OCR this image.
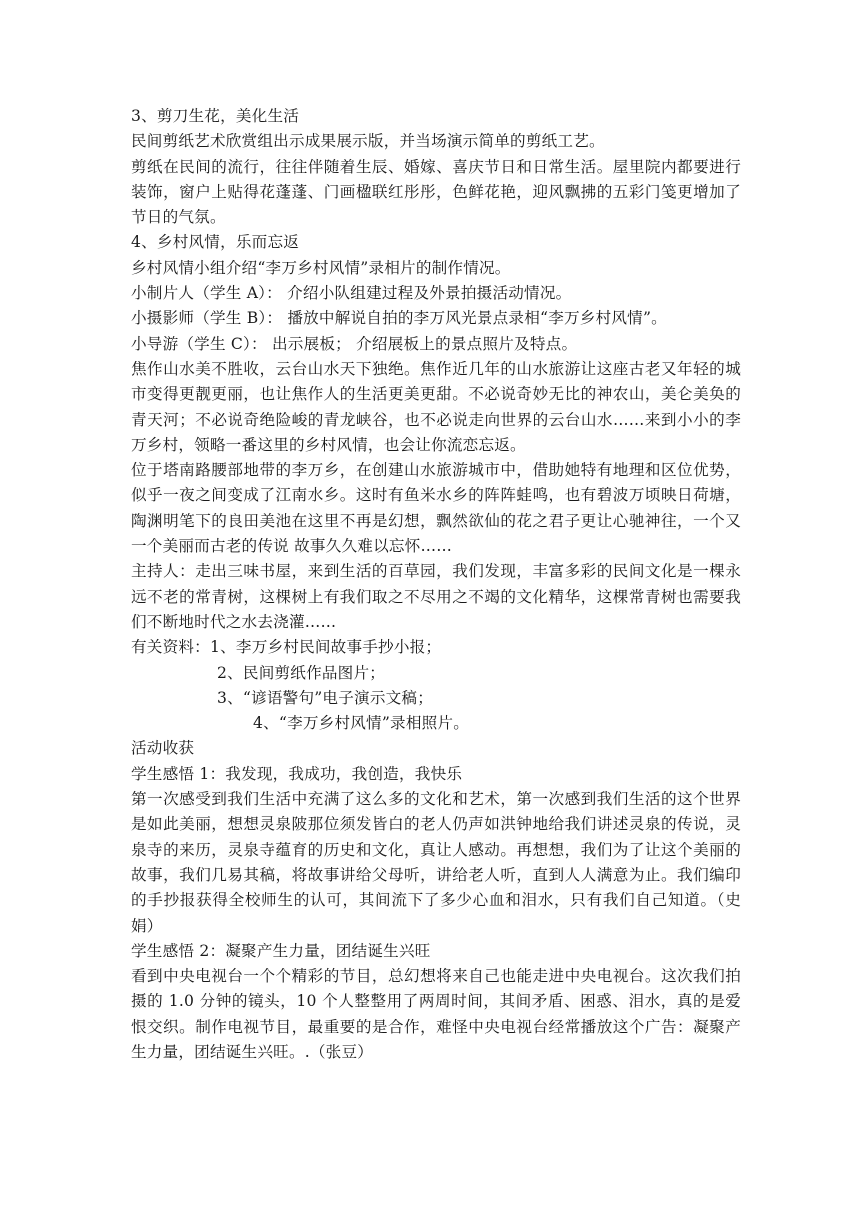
3、剪刀生花，美化生活
民间剪纸艺术欣赏组出示成果展示版，并当场演示简单的剪纸工艺。
剪纸在民间的流行，往往伴随着生辰、婚嫁、喜庆节日和日常生活。屋里院内都要进行装饰，窗户上贴得花蓬蓬、门画楹联红彤彤，色鲜花艳，迎风飘拂的五彩门笺更增加了节日的气氛。
4、乡村风情，乐而忘返
乡村风情小组介绍“李万乡村风情”录相片的制作情况。
小制片人（学生 A）： 介绍小队组建过程及外景拍摄活动情况。
小摄影师（学生 B）： 播放中解说自拍的李万风光景点录相“李万乡村风情”。
小导游（学生 C）： 出示展板； 介绍展板上的景点照片及特点。
焦作山水美不胜收，云台山水天下独绝。焦作近几年的山水旅游让这座古老又年轻的城市变得更靓更丽，也让焦作人的生活更美更甜。不必说奇妙无比的神农山，美仑美奂的青天河；不必说奇绝险峻的青龙峡谷，也不必说走向世界的云台山水……来到小小的李万乡村，领略一番这里的乡村风情，也会让你流恋忘返。
位于塔南路腰部地带的李万乡，在创建山水旅游城市中，借助她特有地理和区位优势，似乎一夜之间变成了江南水乡。这时有鱼米水乡的阵阵蛙鸣，也有碧波万顷映日荷塘，陶渊明笔下的良田美池在这里不再是幻想，飘然欲仙的花之君子更让心驰神往，一个又一个美丽而古老的传说 故事久久难以忘怀……
主持人：走出三味书屋，来到生活的百草园，我们发现，丰富多彩的民间文化是一棵永远不老的常青树，这棵树上有我们取之不尽用之不竭的文化精华，这棵常青树也需要我们不断地时代之水去浇灌……
有关资料：1、李万乡村民间故事手抄小报；
2、民间剪纸作品图片；
3、“谚语警句”电子演示文稿；
4、“李万乡村风情”录相照片。
活动收获
学生感悟 1：我发现，我成功，我创造，我快乐
第一次感受到我们生活中充满了这么多的文化和艺术，第一次感到我们生活的这个世界是如此美丽，想想灵泉陂那位须发皆白的老人仍声如洪钟地给我们讲述灵泉的传说，灵泉寺的来历，灵泉寺蕴育的历史和文化，真让人感动。再想想，我们为了让这个美丽的故事，我们几易其稿，将故事讲给父母听，讲给老人听，直到人人满意为止。我们编印的手抄报获得全校师生的认可，其间流下了多少心血和泪水，只有我们自己知道。（史娟）
学生感悟 2：凝聚产生力量，团结诞生兴旺
看到中央电视台一个个精彩的节目，总幻想将来自己也能走进中央电视台。这次我们拍摄的 1.0 分钟的镜头，10 个人整整用了两周时间，其间矛盾、困惑、泪水，真的是爱恨交织。制作电视节目，最重要的是合作，难怪中央电视台经常播放这个广告：凝聚产生力量，团结诞生兴旺。.（张豆）
